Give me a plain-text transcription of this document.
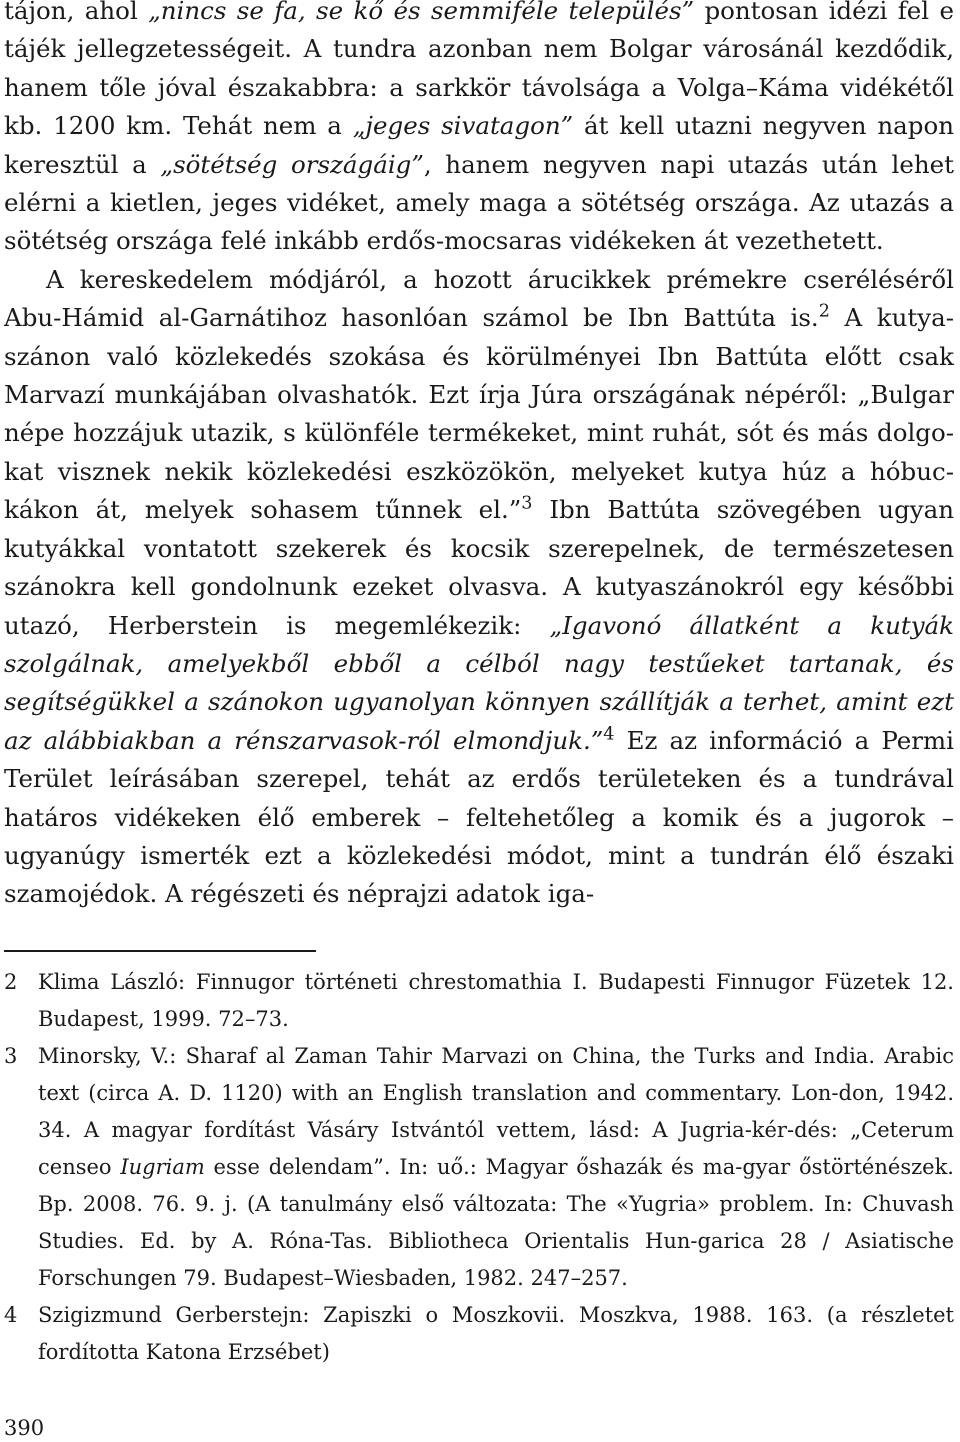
tájon, ahol „nincs se fa, se kő és semmiféle település” pontosan idézi fel e tájék jellegzetességeit. A tundra azonban nem Bolgar városánál kezdődik, hanem tőle jóval északabbra: a sarkkör távolsága a Volga–Káma vidékétől kb. 1200 km. Tehát nem a „jeges sivatagon” át kell utazni negyven napon keresztül a „sötétség országáig”, hanem negyven napi utazás után lehet elérni a kietlen, jeges vidéket, amely maga a sötétség országa. Az utazás a sötétség országa felé inkább erdős-mocsaras vidékeken át vezethetett.

A kereskedelem módjáról, a hozott árucikkek prémekre cseréléséről Abu-Hámid al-Garnátihoz hasonlóan számol be Ibn Battúta is.$^2$ A kutya-szánon való közlekedés szokása és körülményei Ibn Battúta előtt csak Marvazí munkájában olvashatók. Ezt írja Júra országának népéről: „Bulgar népe hozzájuk utazik, s különféle termékeket, mint ruhát, sót és más dolgo-kat visznek nekik közlekedési eszközökön, melyeket kutya húz a hóbuc-kákon át, melyek sohasem tűnnek el.”$^3$ Ibn Battúta szövegében ugyan kutyákkal vontatott szekerek és kocsik szerepelnek, de természetesen szánokra kell gondolnunk ezeket olvasva. A kutyaszánokról egy későbbi utazó, Herberstein is megemlékezik: „Igavonó állatként a kutyák szolgálnak, amelyekből ebből a célból nagy testűeket tartanak, és segítségükkel a szánokon ugyanolyan könnyen szállítják a terhet, amint ezt az alábbiakban a rénszarvasok-ról elmondjuk.”$^4$ Ez az információ a Permi Terület leírásában szerepel, tehát az erdős területeken és a tundrával határos vidékeken élő emberek – feltehetőleg a komik és a jugorok – ugyanúgy ismerték ezt a közlekedési módot, mint a tundrán élő északi szamojédok. A régészeti és néprajzi adatok iga-

2 Klima László: Finnugor történeti chrestomathia I. Budapesti Finnugor Füzetek 12. Budapest, 1999. 72–73.
3 Minorsky, V.: Sharaf al Zaman Tahir Marvazi on China, the Turks and India. Arabic text (circa A. D. 1120) with an English translation and commentary. Lon-don, 1942. 34. A magyar fordítást Vásáry Istvántól vettem, lásd: A Jugria-kér-dés: „Ceterum censeo Iugriam esse delendam”. In: uő.: Magyar őshazák és ma-gyar őstörténészek. Bp. 2008. 76. 9. j. (A tanulmány első változata: The «Yugria» problem. In: Chuvash Studies. Ed. by A. Róna-Tas. Bibliotheca Orientalis Hun-garica 28 / Asiatische Forschungen 79. Budapest–Wiesbaden, 1982. 247–257.
4 Szigizmund Gerberstejn: Zapiszki o Moszkovii. Moszkva, 1988. 163. (a részletet fordította Katona Erzsébet)
390
